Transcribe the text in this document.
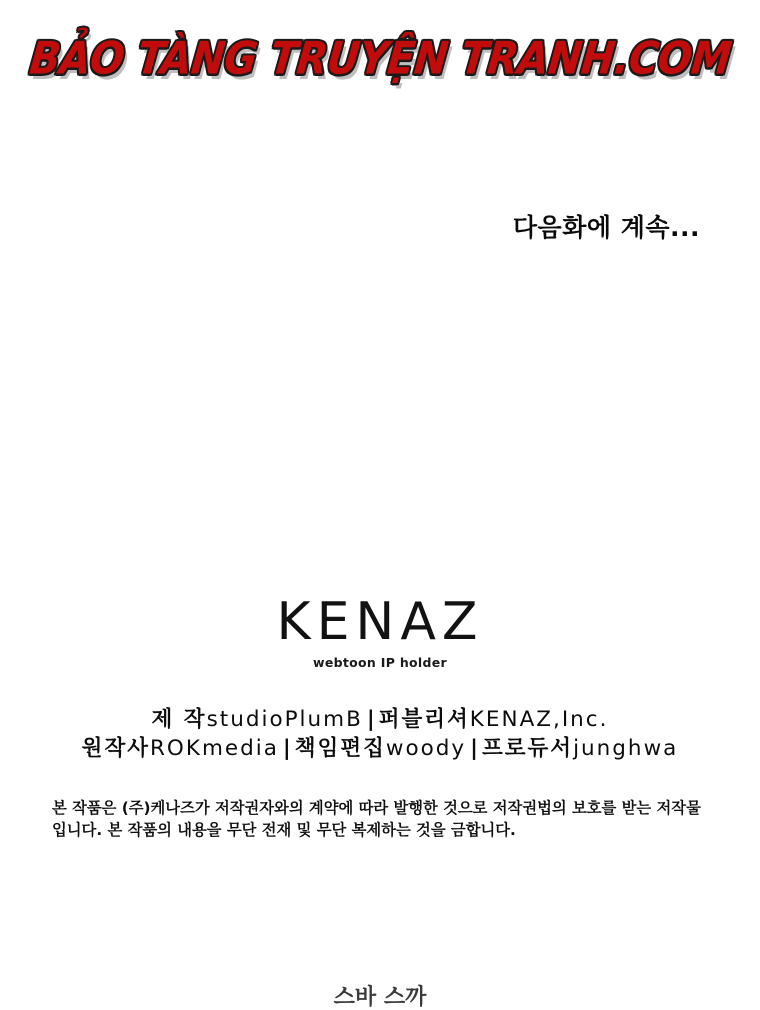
BẢO TÀNG TRUYỆN TRANH.COM
다음화에 계속...
KENAZ
webtoon IP holder
제 작studioPlumB | 퍼블리셔KENAZ,Inc.
원작사ROKmedia | 책임편집woody | 프로듀서junghwa
본 작품은 (주)케나즈가 저작권자와의 계약에 따라 발행한 것으로 저작권법의 보호를 받는 저작물입니다. 본 작품의 내용을 무단 전재 및 무단 복제하는 것을 금합니다.
스바 스까
